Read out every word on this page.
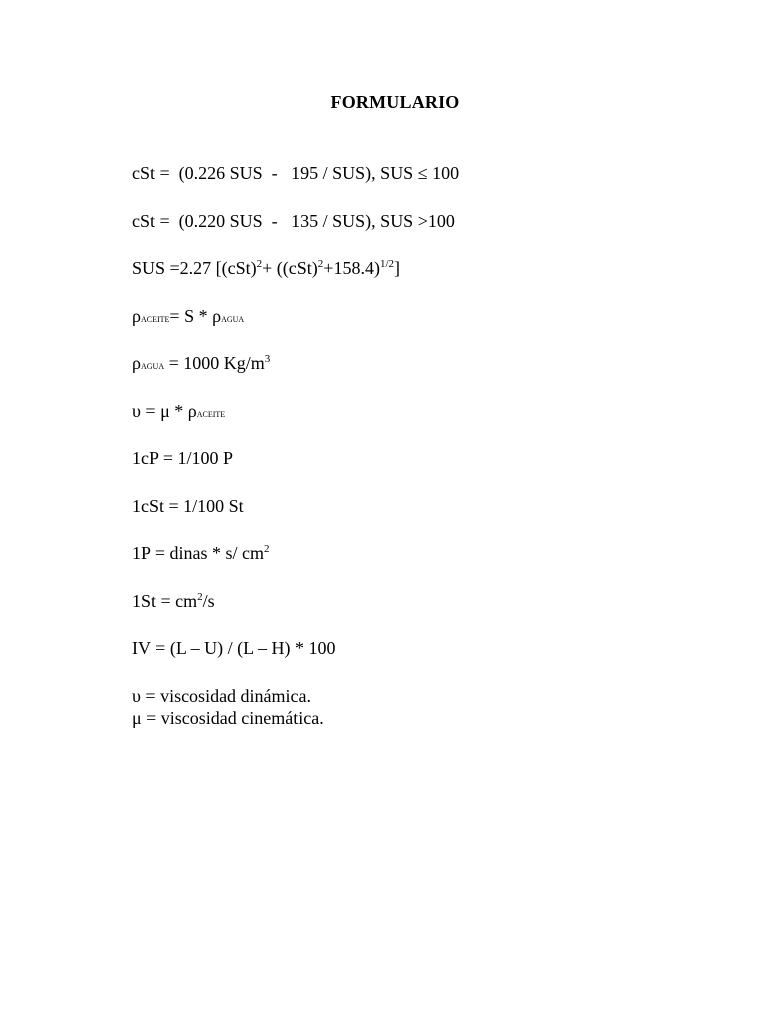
FORMULARIO
cSt =  (0.226 SUS  -   195 / SUS), SUS ≤ 100
cSt =  (0.220 SUS  -   135 / SUS), SUS >100
SUS =2.27 $[(cSt)^2+ ((cSt)^2+158.4)^{1/2}]$
ρACEITE= S * ρAGUA
ρAGUA = 1000 $Kg/m^3$
υ = μ * ρACEITE
1cP = 1/100 P
1cSt = 1/100 St
1P = dinas * s/ $cm^2$
$1St = cm^2/s$
IV = (L – U) / (L – H) * 100
υ = viscosidad dinámica.
μ = viscosidad cinemática.
